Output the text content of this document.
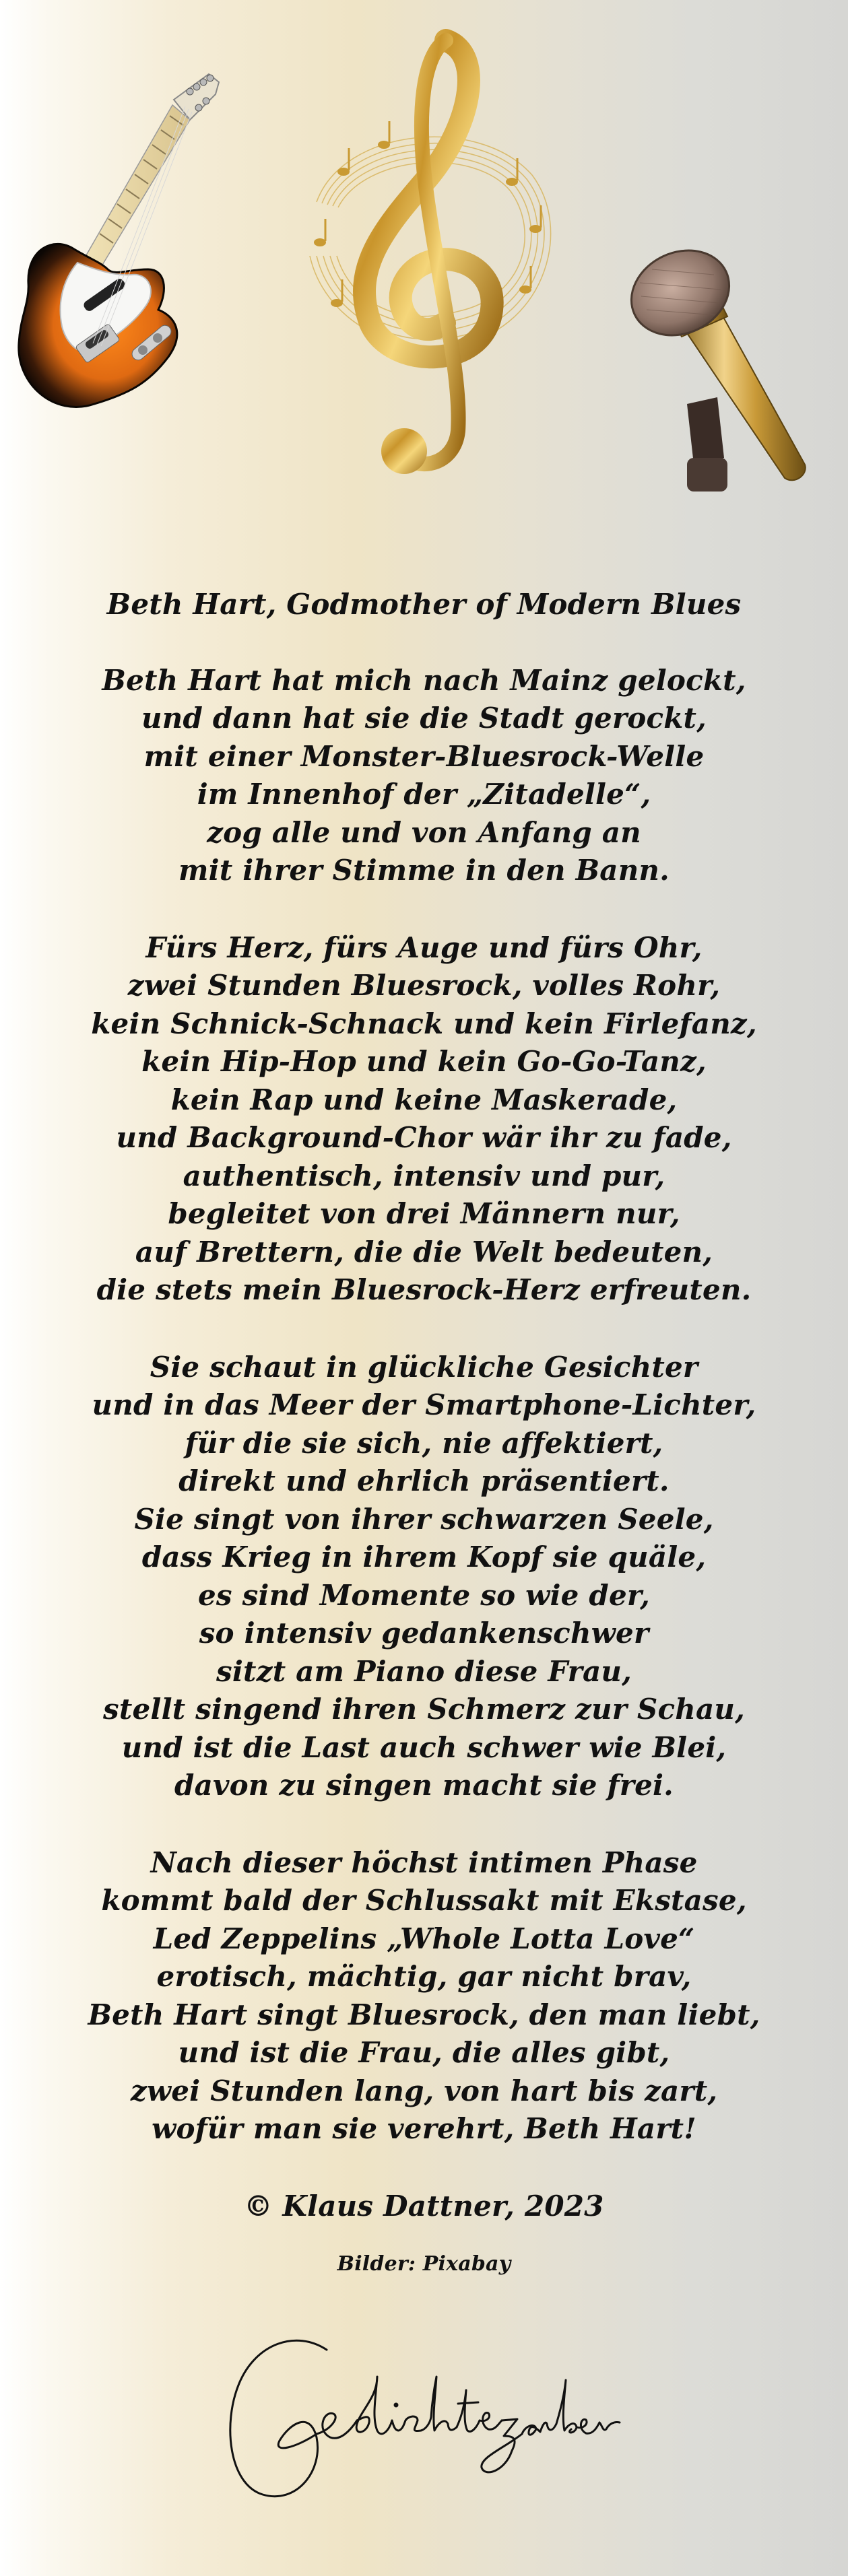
Beth Hart, Godmother of Modern Blues

Beth Hart hat mich nach Mainz gelockt,

und dann hat sie die Stadt gerockt,

mit einer Monster-Bluesrock-Welle

im Innenhof der „Zitadelle“,

zog alle und von Anfang an

mit ihrer Stimme in den Bann.

Fürs Herz, fürs Auge und fürs Ohr,

zwei Stunden Bluesrock, volles Rohr,

kein Schnick-Schnack und kein Firlefanz,

kein Hip-Hop und kein Go-Go-Tanz,

kein Rap und keine Maskerade,

und Background-Chor wär ihr zu fade,

authentisch, intensiv und pur,

begleitet von drei Männern nur,

auf Brettern, die die Welt bedeuten,

die stets mein Bluesrock-Herz erfreuten.

Sie schaut in glückliche Gesichter

und in das Meer der Smartphone-Lichter,

für die sie sich, nie affektiert,

direkt und ehrlich präsentiert.

Sie singt von ihrer schwarzen Seele,

dass Krieg in ihrem Kopf sie quäle,

es sind Momente so wie der,

so intensiv gedankenschwer

sitzt am Piano diese Frau,

stellt singend ihren Schmerz zur Schau,

und ist die Last auch schwer wie Blei,

davon zu singen macht sie frei.

Nach dieser höchst intimen Phase

kommt bald der Schlussakt mit Ekstase,

Led Zeppelins „Whole Lotta Love“

erotisch, mächtig, gar nicht brav,

Beth Hart singt Bluesrock, den man liebt,

und ist die Frau, die alles gibt,

zwei Stunden lang, von hart bis zart,

wofür man sie verehrt, Beth Hart!

© Klaus Dattner, 2023

Bilder: Pixabay
